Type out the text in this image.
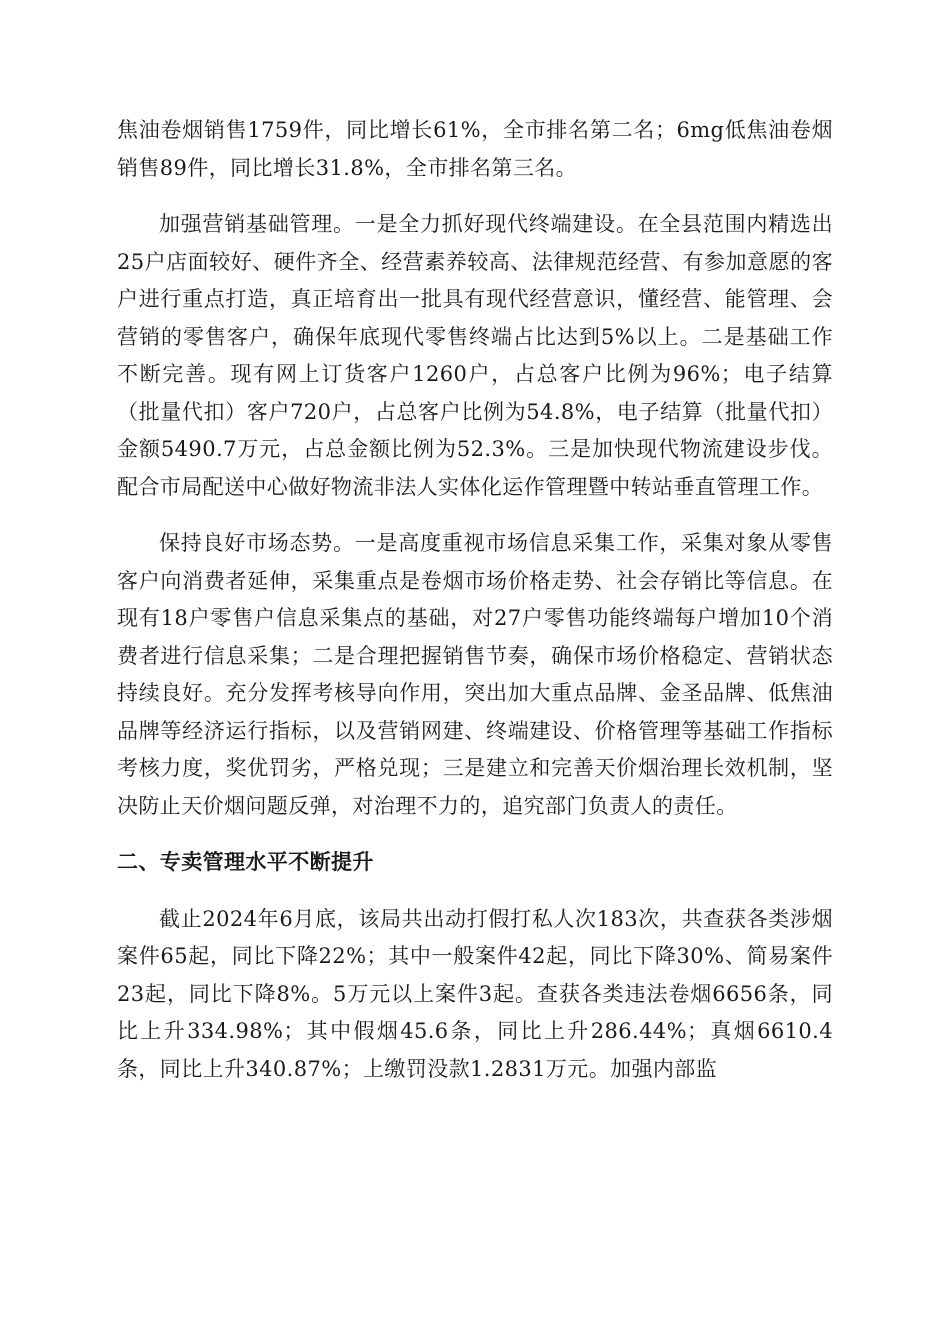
焦油卷烟销售1759件，同比增长61%，全市排名第二名；6mg低焦油卷烟销售89件，同比增长31.8%，全市排名第三名。

加强营销基础管理。一是全力抓好现代终端建设。在全县范围内精选出25户店面较好、硬件齐全、经营素养较高、法律规范经营、有参加意愿的客户进行重点打造，真正培育出一批具有现代经营意识，懂经营、能管理、会营销的零售客户，确保年底现代零售终端占比达到5%以上。二是基础工作不断完善。现有网上订货客户1260户，占总客户比例为96%；电子结算（批量代扣）客户720户，占总客户比例为54.8%，电子结算（批量代扣）金额5490.7万元，占总金额比例为52.3%。三是加快现代物流建设步伐。配合市局配送中心做好物流非法人实体化运作管理暨中转站垂直管理工作。

保持良好市场态势。一是高度重视市场信息采集工作，采集对象从零售客户向消费者延伸，采集重点是卷烟市场价格走势、社会存销比等信息。在现有18户零售户信息采集点的基础，对27户零售功能终端每户增加10个消费者进行信息采集；二是合理把握销售节奏，确保市场价格稳定、营销状态持续良好。充分发挥考核导向作用，突出加大重点品牌、金圣品牌、低焦油品牌等经济运行指标，以及营销网建、终端建设、价格管理等基础工作指标考核力度，奖优罚劣，严格兑现；三是建立和完善天价烟治理长效机制，坚决防止天价烟问题反弹，对治理不力的，追究部门负责人的责任。

二、专卖管理水平不断提升

截止2024年6月底，该局共出动打假打私人次183次，共查获各类涉烟案件65起，同比下降22%；其中一般案件42起，同比下降30%、简易案件23起，同比下降8%。5万元以上案件3起。查获各类违法卷烟6656条，同比上升334.98%；其中假烟45.6条，同比上升286.44%；真烟6610.4条，同比上升340.87%；上缴罚没款1.2831万元。加强内部监
